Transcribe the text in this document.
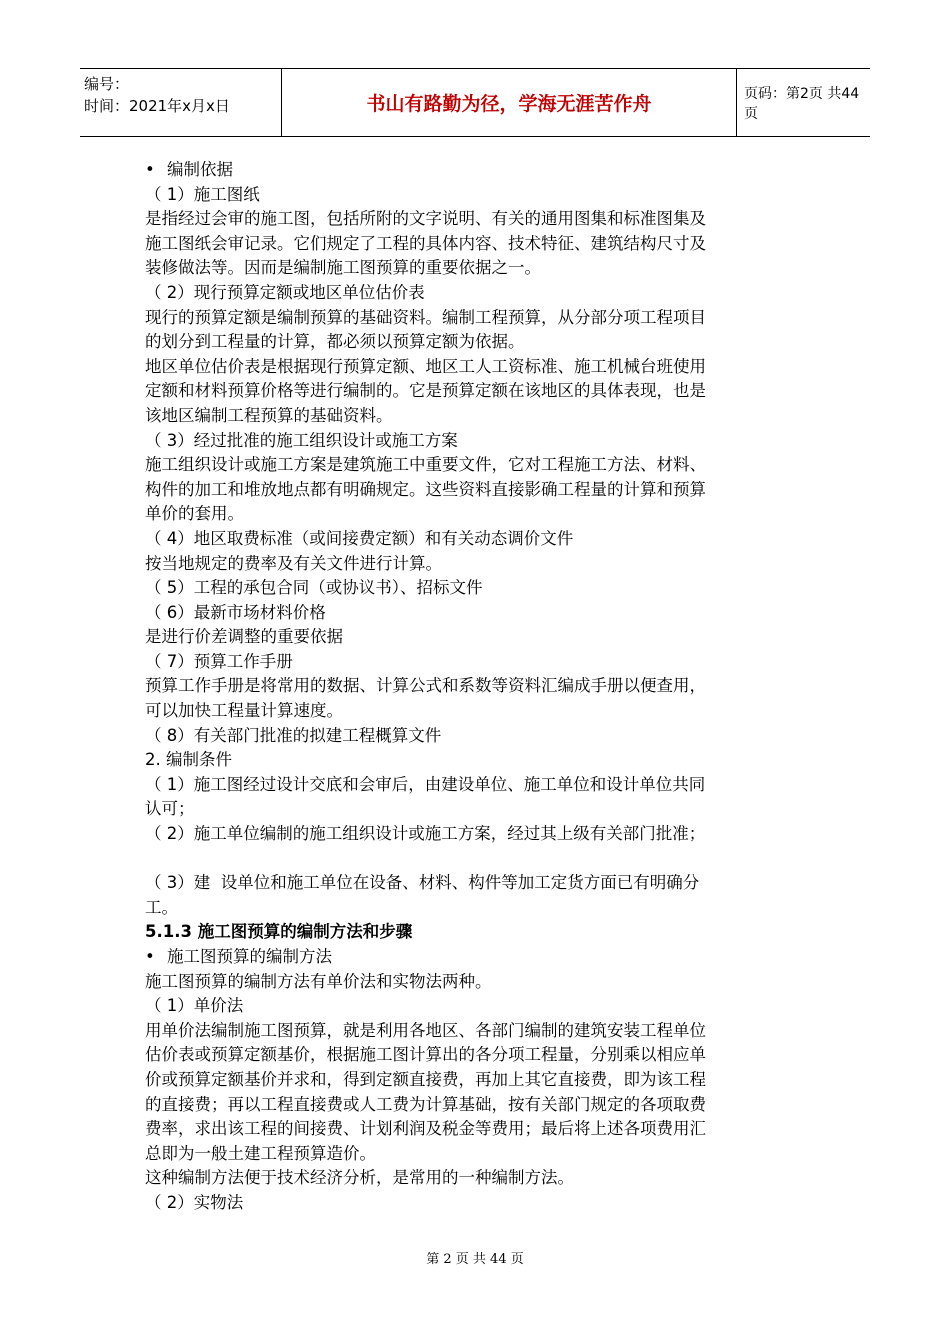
编号：
时间：2021年x月x日	书山有路勤为径，学海无涯苦作舟	页码：第2页 共44页

• 编制依据

（ 1）施工图纸

是指经过会审的施工图，包括所附的文字说明、有关的通用图集和标准图集及

施工图纸会审记录。它们规定了工程的具体内容、技术特征、建筑结构尺寸及

装修做法等。因而是编制施工图预算的重要依据之一。

（ 2）现行预算定额或地区单位估价表

现行的预算定额是编制预算的基础资料。编制工程预算，从分部分项工程项目

的划分到工程量的计算，都必须以预算定额为依据。

地区单位估价表是根据现行预算定额、地区工人工资标准、施工机械台班使用

定额和材料预算价格等进行编制的。它是预算定额在该地区的具体表现，也是

该地区编制工程预算的基础资料。

（ 3）经过批准的施工组织设计或施工方案

施工组织设计或施工方案是建筑施工中重要文件，它对工程施工方法、材料、

构件的加工和堆放地点都有明确规定。这些资料直接影确工程量的计算和预算

单价的套用。

（ 4）地区取费标准（或间接费定额）和有关动态调价文件

按当地规定的费率及有关文件进行计算。

（ 5）工程的承包合同（或协议书）、招标文件

（ 6）最新市场材料价格

是进行价差调整的重要依据

（ 7）预算工作手册

预算工作手册是将常用的数据、计算公式和系数等资料汇编成手册以便查用，

可以加快工程量计算速度。

（ 8）有关部门批准的拟建工程概算文件

2. 编制条件

（ 1）施工图经过设计交底和会审后，由建设单位、施工单位和设计单位共同

认可；

（ 2）施工单位编制的施工组织设计或施工方案，经过其上级有关部门批准；

（ 3）建  设单位和施工单位在设备、材料、构件等加工定货方面已有明确分

工。

5.1.3 施工图预算的编制方法和步骤

• 施工图预算的编制方法

施工图预算的编制方法有单价法和实物法两种。

（ 1）单价法

用单价法编制施工图预算，就是利用各地区、各部门编制的建筑安装工程单位

估价表或预算定额基价，根据施工图计算出的各分项工程量，分别乘以相应单

价或预算定额基价并求和，得到定额直接费，再加上其它直接费，即为该工程

的直接费；再以工程直接费或人工费为计算基础，按有关部门规定的各项取费

费率，求出该工程的间接费、计划利润及税金等费用；最后将上述各项费用汇

总即为一般土建工程预算造价。

这种编制方法便于技术经济分析，是常用的一种编制方法。

（ 2）实物法

第 2 页 共 44 页
